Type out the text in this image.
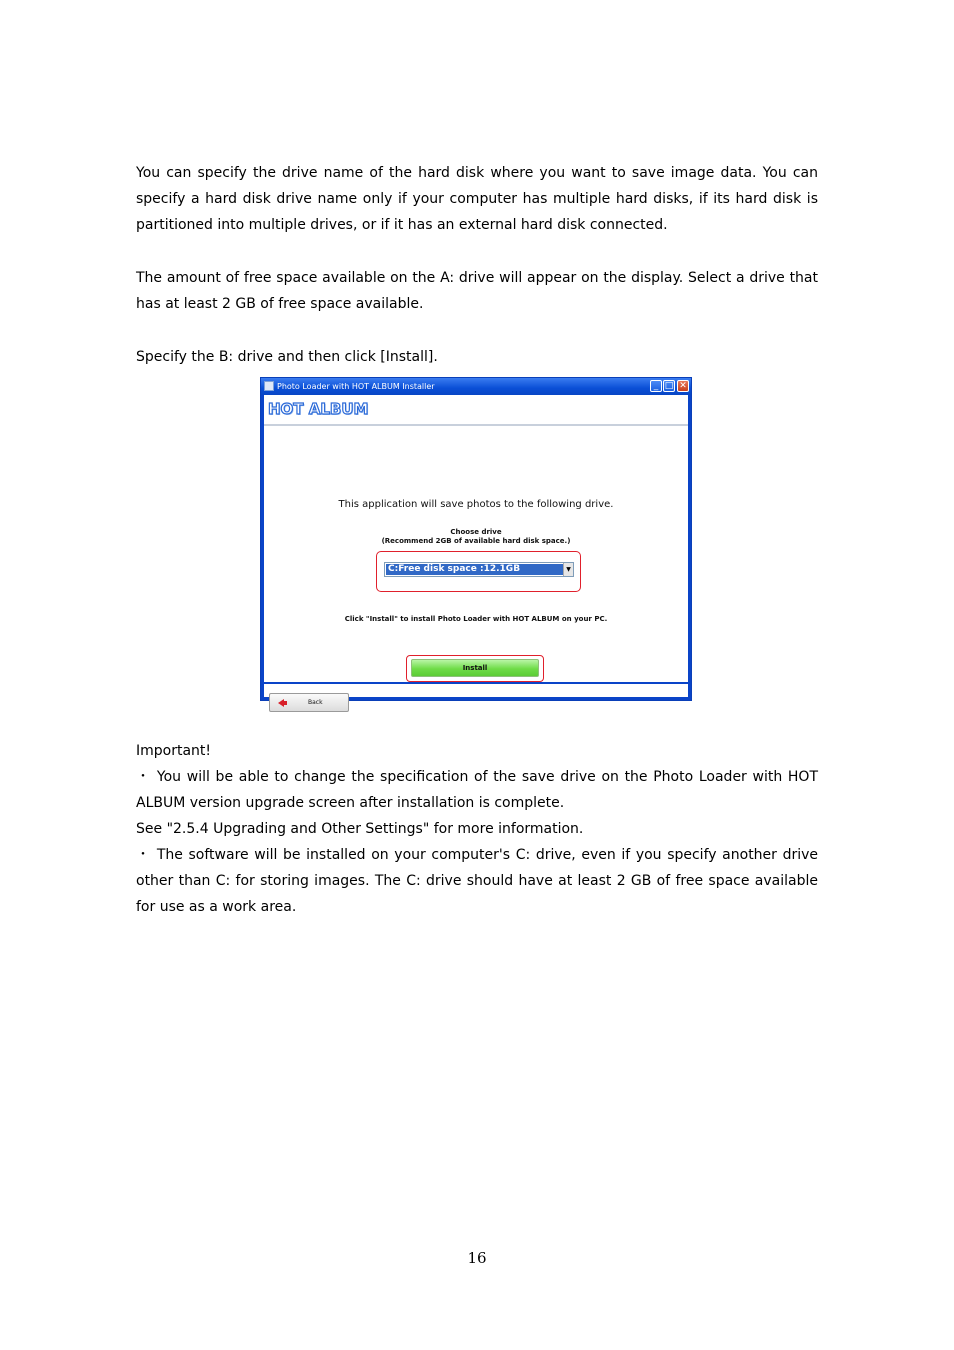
You can specify the drive name of the hard disk where you want to save image data. You can specify a hard disk drive name only if your computer has multiple hard disks, if its hard disk is partitioned into multiple drives, or if it has an external hard disk connected.

The amount of free space available on the A: drive will appear on the display. Select a drive that has at least 2 GB of free space available.

Specify the B: drive and then click [Install].

Photo Loader with HOT ALBUM Installer	_ □ ✕
HOT ALBUM
This application will save photos to the following drive.
Choose drive
(Recommend 2GB of available hard disk space.)
C:Free disk space :12.1GB	▼
Click "Install" to install Photo Loader with HOT ALBUM on your PC.
Install
Back
Important!
・ You will be able to change the specification of the save drive on the Photo Loader with HOT ALBUM version upgrade screen after installation is complete.
See "2.5.4 Upgrading and Other Settings" for more information.
・ The software will be installed on your computer's C: drive, even if you specify another drive other than C: for storing images. The C: drive should have at least 2 GB of free space available for use as a work area.
16
